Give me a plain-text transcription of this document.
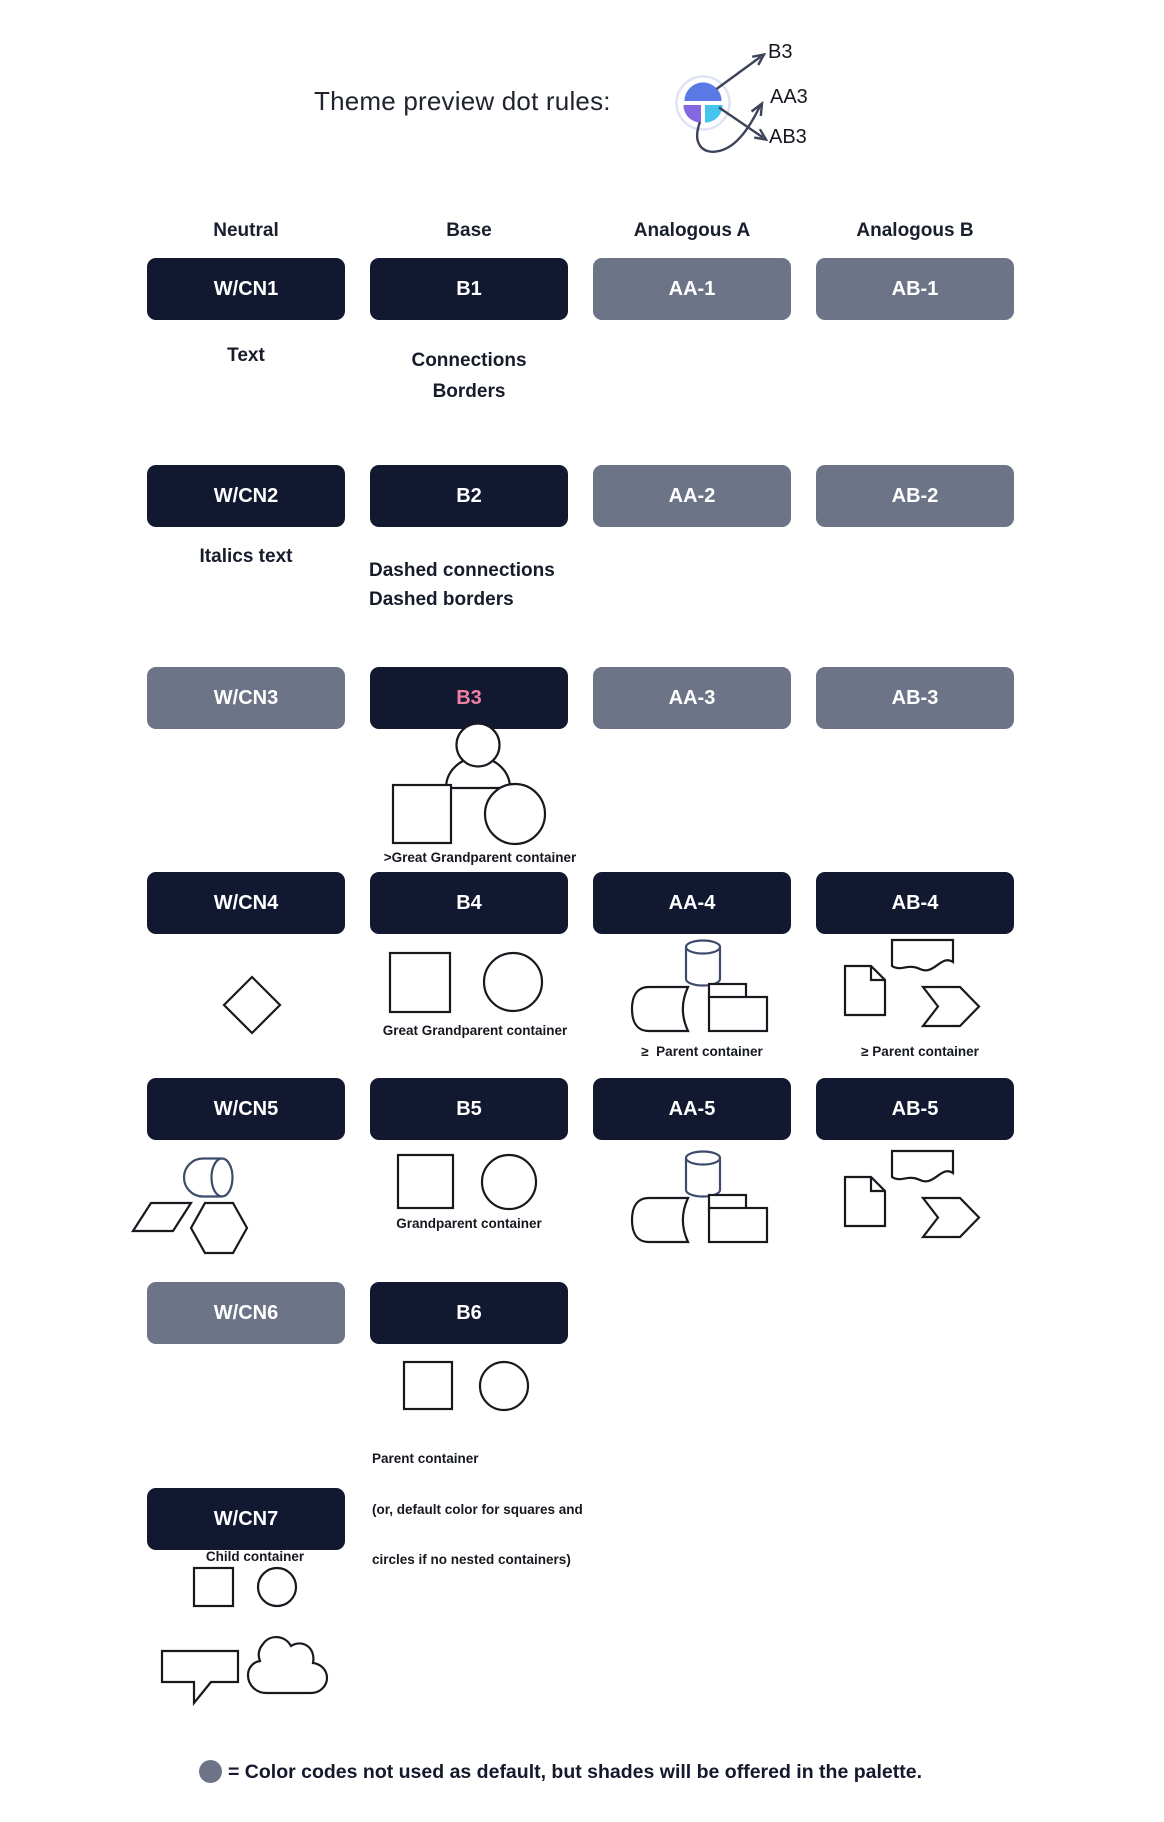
Theme preview dot rules:
B3
AA3
AB3
Neutral	Base	Analogous A	Analogous B
W/CN1	B1	AA-1	AB-1
Text	Connections
Borders
W/CN2	B2	AA-2	AB-2
Italics text
Dashed connections
Dashed borders
W/CN3	B3	AA-3	AB-3
>Great Grandparent container
W/CN4	B4	AA-4	AB-4
Great Grandparent container
≥  Parent container	≥ Parent container
W/CN5	B5	AA-5	AB-5
Grandparent container
W/CN6	B6

Parent container

(or, default color for squares and

circles if no nested containers)

W/CN7
Child container
= Color codes not used as default, but shades will be offered in the palette.
